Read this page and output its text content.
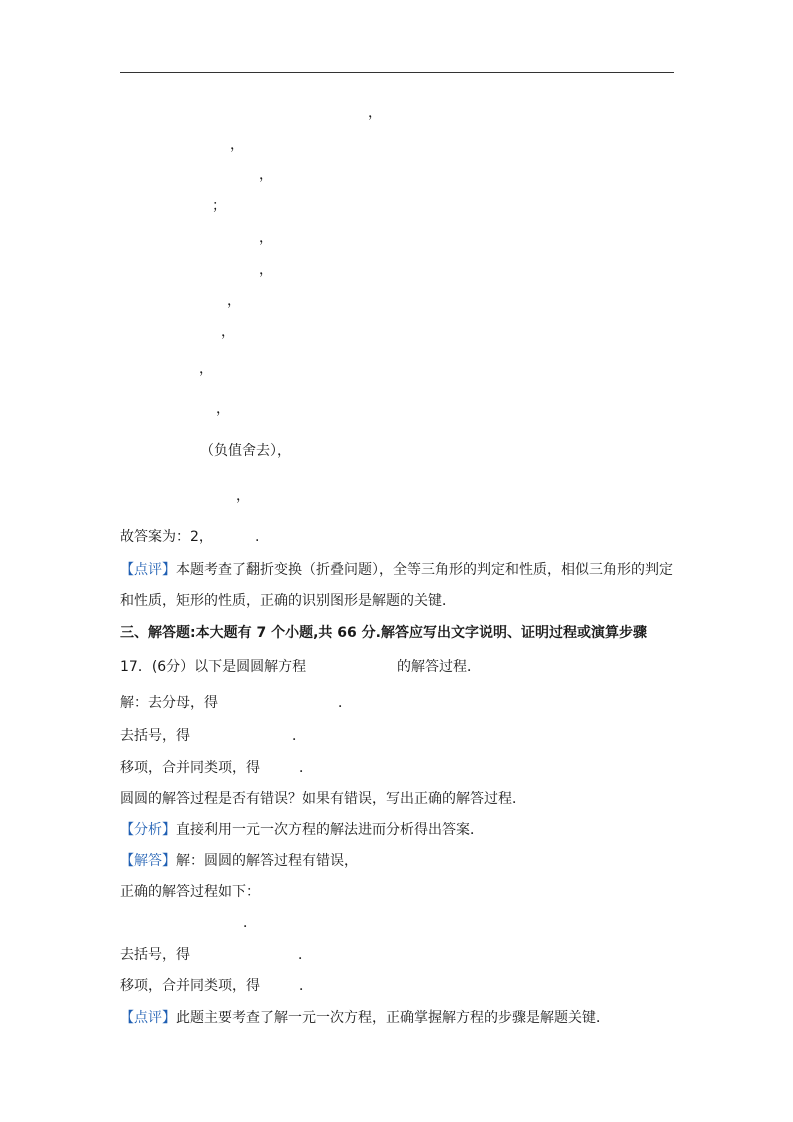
，
，
，
；
，
，
，
，
，
，
（负值舍去），
，
故答案为：2，	.
【点评】本题考查了翻折变换（折叠问题），全等三角形的判定和性质，相似三角形的判定
和性质，矩形的性质，正确的识别图形是解题的关键．
三、解答题:本大题有 7 个小题,共 66 分.解答应写出文字说明、证明过程或演算步骤
17．(6分）以下是圆圆解方程	的解答过程．
解：去分母，得	．
去括号，得	．
移项，合并同类项，得	．
圆圆的解答过程是否有错误？如果有错误，写出正确的解答过程．
【分析】直接利用一元一次方程的解法进而分析得出答案．
【解答】解：圆圆的解答过程有错误，
正确的解答过程如下：
．
去括号，得	．
移项，合并同类项，得	．
【点评】此题主要考查了解一元一次方程，正确掌握解方程的步骤是解题关键．
